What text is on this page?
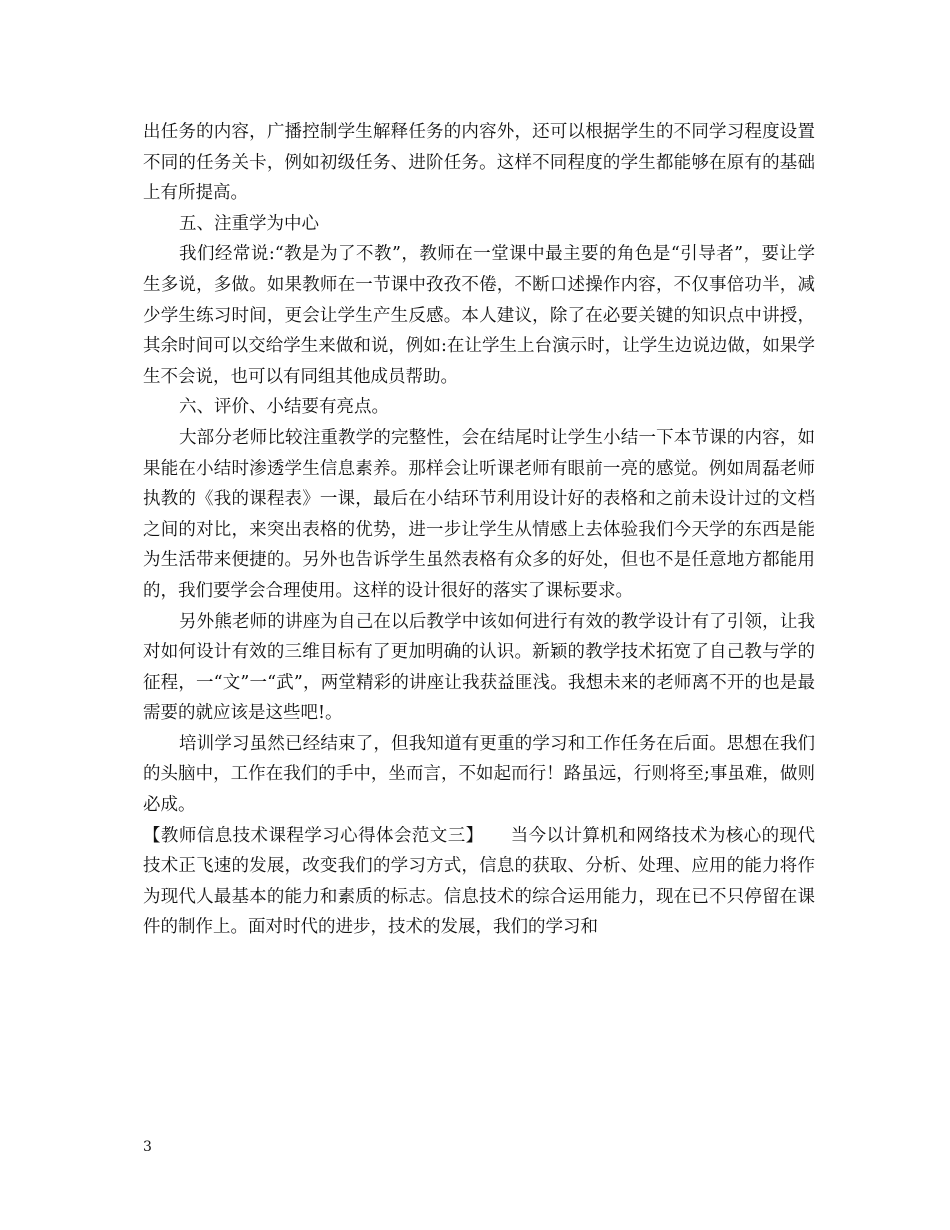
出任务的内容，广播控制学生解释任务的内容外，还可以根据学生的不同学习程度设置不同的任务关卡，例如初级任务、进阶任务。这样不同程度的学生都能够在原有的基础上有所提高。

五、注重学为中心

我们经常说:“教是为了不教”，教师在一堂课中最主要的角色是“引导者”，要让学生多说，多做。如果教师在一节课中孜孜不倦，不断口述操作内容，不仅事倍功半，减少学生练习时间，更会让学生产生反感。本人建议，除了在必要关键的知识点中讲授，其余时间可以交给学生来做和说，例如:在让学生上台演示时，让学生边说边做，如果学生不会说，也可以有同组其他成员帮助。

六、评价、小结要有亮点。

大部分老师比较注重教学的完整性，会在结尾时让学生小结一下本节课的内容，如果能在小结时渗透学生信息素养。那样会让听课老师有眼前一亮的感觉。例如周磊老师执教的《我的课程表》一课，最后在小结环节利用设计好的表格和之前未设计过的文档之间的对比，来突出表格的优势，进一步让学生从情感上去体验我们今天学的东西是能为生活带来便捷的。另外也告诉学生虽然表格有众多的好处，但也不是任意地方都能用的，我们要学会合理使用。这样的设计很好的落实了课标要求。

另外熊老师的讲座为自己在以后教学中该如何进行有效的教学设计有了引领，让我对如何设计有效的三维目标有了更加明确的认识。新颖的教学技术拓宽了自己教与学的征程，一“文”一“武”，两堂精彩的讲座让我获益匪浅。我想未来的老师离不开的也是最需要的就应该是这些吧!。

培训学习虽然已经结束了，但我知道有更重的学习和工作任务在后面。思想在我们的头脑中，工作在我们的手中，坐而言，不如起而行！路虽远，行则将至;事虽难，做则必成。

【教师信息技术课程学习心得体会范文三】　　当今以计算机和网络技术为核心的现代技术正飞速的发展，改变我们的学习方式，信息的获取、分析、处理、应用的能力将作为现代人最基本的能力和素质的标志。信息技术的综合运用能力，现在已不只停留在课件的制作上。面对时代的进步，技术的发展，我们的学习和

3
